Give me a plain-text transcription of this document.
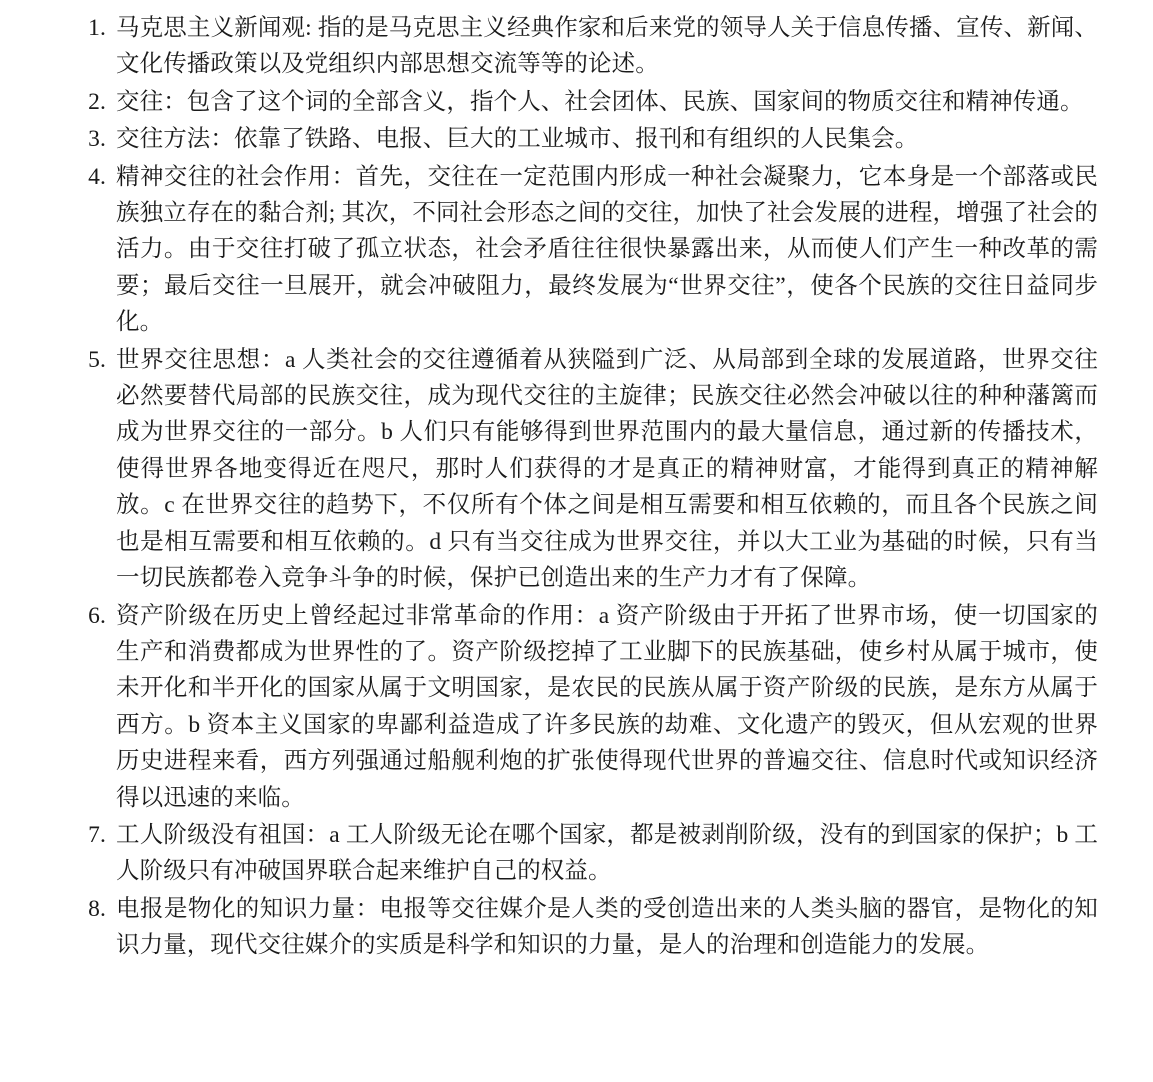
马克思主义新闻观: 指的是马克思主义经典作家和后来党的领导人关于信息传播、宣传、新闻、文化传播政策以及党组织内部思想交流等等的论述。
交往：包含了这个词的全部含义，指个人、社会团体、民族、国家间的物质交往和精神传通。
交往方法：依靠了铁路、电报、巨大的工业城市、报刊和有组织的人民集会。
精神交往的社会作用：首先，交往在一定范围内形成一种社会凝聚力，它本身是一个部落或民族独立存在的黏合剂; 其次，不同社会形态之间的交往，加快了社会发展的进程，增强了社会的活力。由于交往打破了孤立状态，社会矛盾往往很快暴露出来，从而使人们产生一种改革的需要；最后交往一旦展开，就会冲破阻力，最终发展为“世界交往”，使各个民族的交往日益同步化。
世界交往思想：a 人类社会的交往遵循着从狭隘到广泛、从局部到全球的发展道路，世界交往必然要替代局部的民族交往，成为现代交往的主旋律；民族交往必然会冲破以往的种种藩篱而成为世界交往的一部分。b 人们只有能够得到世界范围内的最大量信息，通过新的传播技术，使得世界各地变得近在咫尺，那时人们获得的才是真正的精神财富，才能得到真正的精神解放。c 在世界交往的趋势下，不仅所有个体之间是相互需要和相互依赖的，而且各个民族之间也是相互需要和相互依赖的。d 只有当交往成为世界交往，并以大工业为基础的时候，只有当一切民族都卷入竞争斗争的时候，保护已创造出来的生产力才有了保障。
资产阶级在历史上曾经起过非常革命的作用：a 资产阶级由于开拓了世界市场，使一切国家的生产和消费都成为世界性的了。资产阶级挖掉了工业脚下的民族基础，使乡村从属于城市，使未开化和半开化的国家从属于文明国家，是农民的民族从属于资产阶级的民族，是东方从属于西方。b 资本主义国家的卑鄙利益造成了许多民族的劫难、文化遗产的毁灭，但从宏观的世界历史进程来看，西方列强通过船舰利炮的扩张使得现代世界的普遍交往、信息时代或知识经济得以迅速的来临。
工人阶级没有祖国：a 工人阶级无论在哪个国家，都是被剥削阶级，没有的到国家的保护；b 工人阶级只有冲破国界联合起来维护自己的权益。
电报是物化的知识力量：电报等交往媒介是人类的受创造出来的人类头脑的器官，是物化的知识力量，现代交往媒介的实质是科学和知识的力量，是人的治理和创造能力的发展。
